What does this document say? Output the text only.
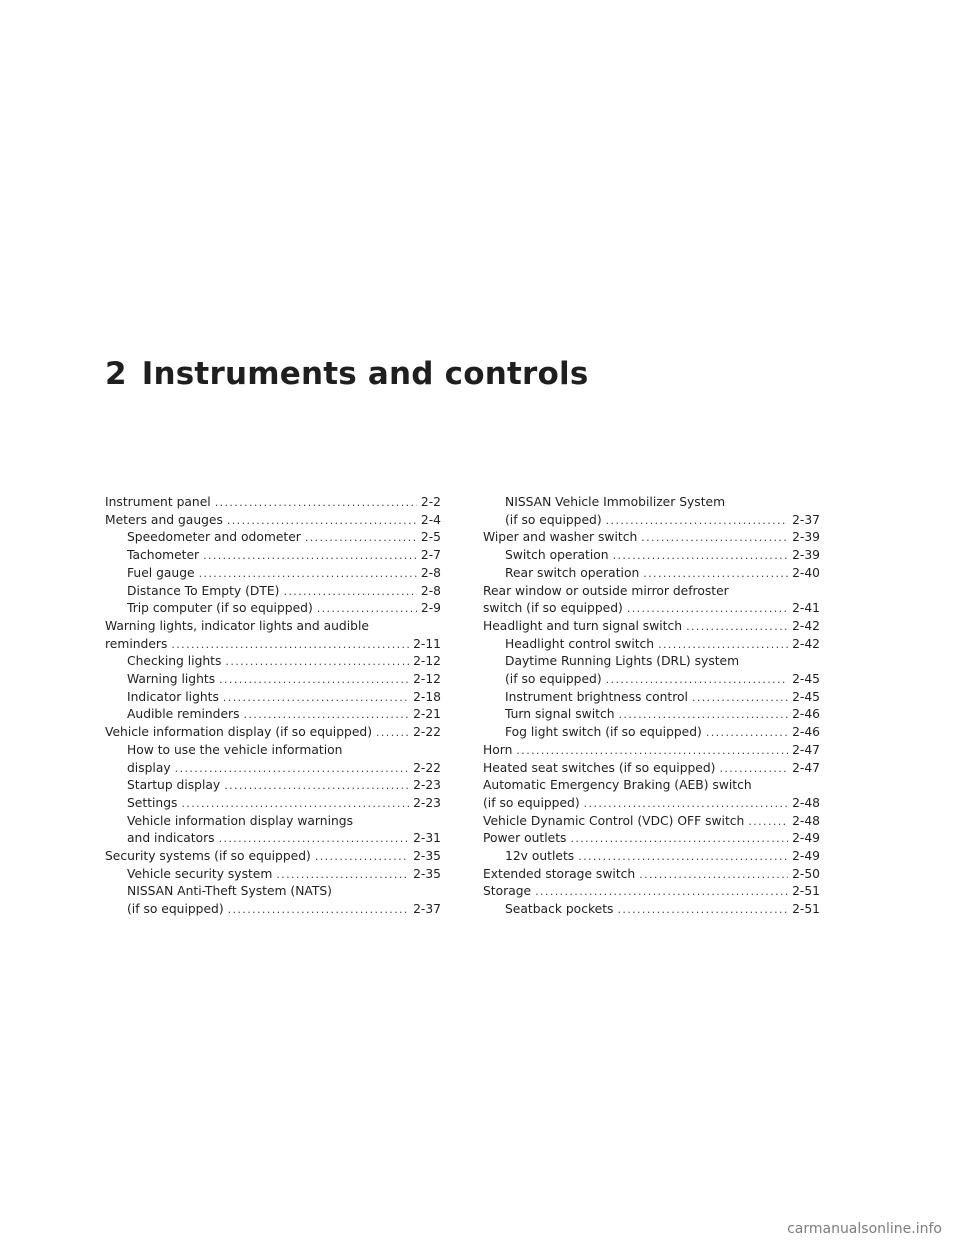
2 Instruments and controls
Instrument panel .....	2-2
Meters and gauges .....	2-4
Speedometer and odometer .....	2-5
Tachometer .....	2-7
Fuel gauge .....	2-8
Distance To Empty (DTE) .....	2-8
Trip computer (if so equipped) .....	2-9
Warning lights, indicator lights and audible
reminders .....	2-11
Checking lights .....	2-12
Warning lights .....	2-12
Indicator lights .....	2-18
Audible reminders .....	2-21
Vehicle information display (if so equipped) .....	2-22
How to use the vehicle information
display .....	2-22
Startup display .....	2-23
Settings .....	2-23
Vehicle information display warnings
and indicators .....	2-31
Security systems (if so equipped) .....	2-35
Vehicle security system .....	2-35
NISSAN Anti-Theft System (NATS)
(if so equipped) .....	2-37
NISSAN Vehicle Immobilizer System
(if so equipped) .....	2-37
Wiper and washer switch .....	2-39
Switch operation .....	2-39
Rear switch operation .....	2-40
Rear window or outside mirror defroster
switch (if so equipped) .....	2-41
Headlight and turn signal switch .....	2-42
Headlight control switch .....	2-42
Daytime Running Lights (DRL) system
(if so equipped) .....	2-45
Instrument brightness control .....	2-45
Turn signal switch .....	2-46
Fog light switch (if so equipped) .....	2-46
Horn .....	2-47
Heated seat switches (if so equipped) .....	2-47
Automatic Emergency Braking (AEB) switch
(if so equipped) .....	2-48
Vehicle Dynamic Control (VDC) OFF switch .....	2-48
Power outlets .....	2-49
12v outlets .....	2-49
Extended storage switch .....	2-50
Storage .....	2-51
Seatback pockets .....	2-51
carmanualsonline.info
